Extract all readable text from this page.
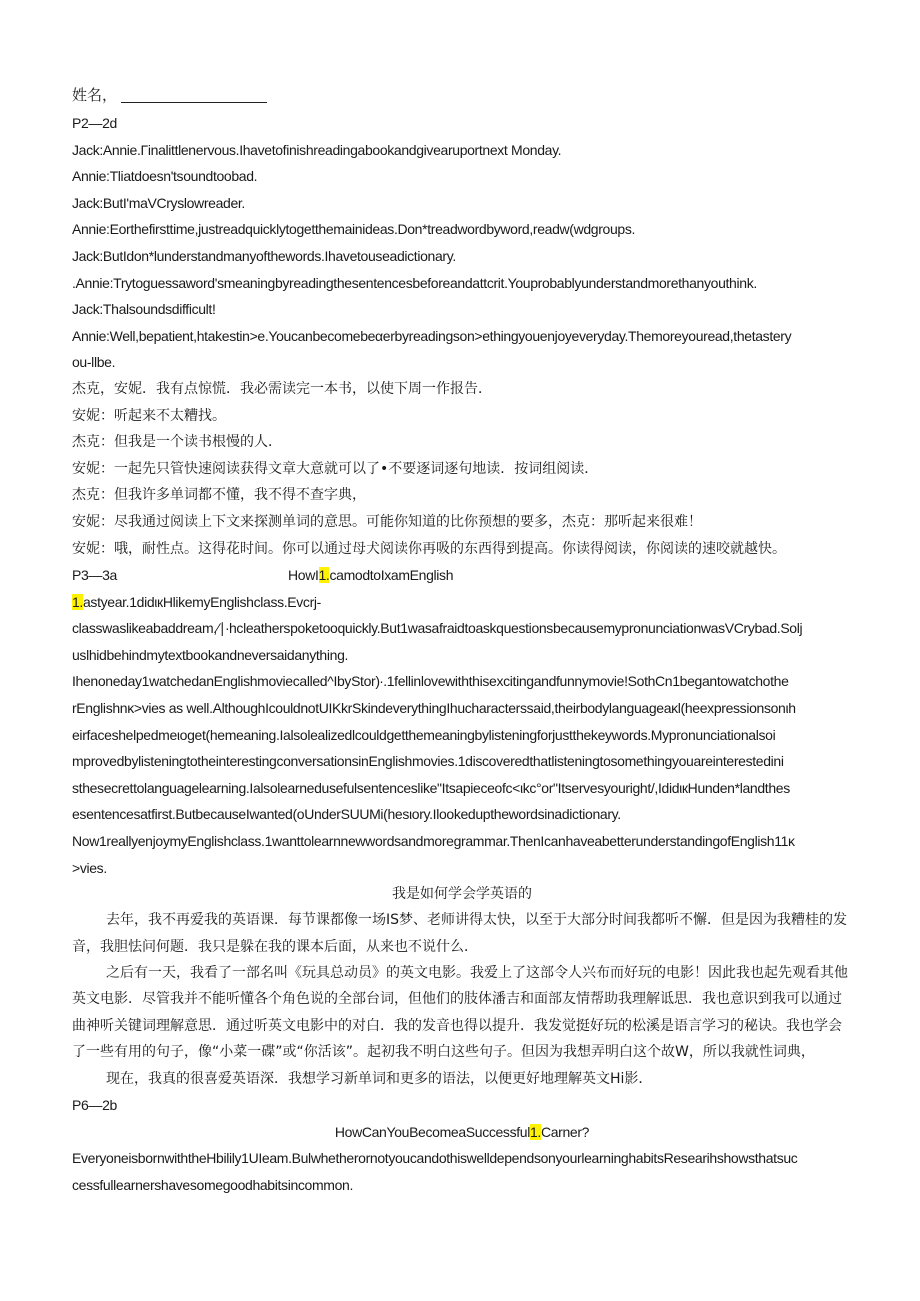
姓名，
P2—2d
Jack:Annie.Γinalittlenervous.Ihavetofinishreadingabookandgivearuportnext Monday.
Annie:Tliatdoesn'tsoundtoobad.
Jack:ButI'maVCryslowreader.
Annie:Eorthefirsttime,justreadquicklytogetthemainideas.Don*treadwordbyword,readw(wdgroups.
Jack:ButIdon*lunderstandmanyofthewords.Ihavetouseadictionary.
.Annie:Trytoguessaword'smeaningbyreadingthesentencesbeforeandattcrit.Youprobablyunderstandmorethanyouthink.
Jack:Thalsoundsdifficult!
Annie:Well,bepatient,htakestin>e.Youcanbecomebeαerbyreadingson>ethingyouenjoyeveryday.Themoreyouread,thetastery
ou-llbe.
杰克，安妮．我有点惊慌．我必需读完一本书，以使下周一作报告．
安妮：听起来不太糟找。
杰克：但我是一个读书根慢的人．
安妮：一起先只管快速阅读获得文章大意就可以了•不要逐词逐句地读．按词组阅读．
杰克：但我许多单词都不懂，我不得不查字典，
安妮：尽我通过阅读上下文来探测单词的意思。可能你知道的比你预想的要多，杰克：那听起来很难！
安妮：哦，耐性点。这得花时间。你可以通过母犬阅读你再吸的东西得到提高。你读得阅读，你阅读的速咬就越快。
P3—3a	HowI1.camodtoIxamEnglish
1.astyear.1didιкHlikemyEnglishclass.Evcrj-
classwaslikeabaddream,∕∣∙hcleatherspoketooquickly.But1wasafraidtoaskquestionsbecausemypronunciationwasVCrybad.Solj
uslhidbehindmytextbookandneversaidanything.
Ihenoneday1watchedanEnglishmoviecalled^IbyStor)∙.1fellinlovewiththisexcitingandfunnymovie!SothCn1begantowatchothe
rEnglishnκ>vies as well.AlthoughIcouldnotUIKkrSkindeverythingIhucharacterssaid,theirbodylanguageaκl(heexpressionsonιh
eirfaceshelpedmeιoget(hemeaning.Ialsolealizedlcouldgetthemeaningbylisteningforjustthekeywords.Mypronunciationalsoi
mprovedbylisteningtotheinterestingconversationsinEnglishmovies.1discoveredthatlisteningtosomethingyouareinterestedini
sthesecrettolanguagelearning.Ialsolearnedusefulsentenceslike"Itsapieceofc<ιkc°or"Itservesyouright/,IdidιкHunden*landthes
esentencesatfirst.ButbecauseIwanted(oUnderSUUMi(hesιory.Ilookedupthewordsinadictionary.
Now1reallyenjoymyEnglishclass.1wanttolearnnewwordsandmoregrammar.ThenIcanhaveabetterunderstandingofEnglish11κ
>vies.
我是如何学会学英语的

去年，我不再爱我的英语课．每节课都像一场IS梦、老师讲得太快，以至于大部分时间我都听不懈．但是因为我糟桂的发音，我胆怯问何题．我只是躲在我的课本后面，从来也不说什么．

之后有一天，我看了一部名叫《玩具总动员》的英文电影。我爱上了这部令人兴布而好玩的电影！因此我也起先观看其他英文电影．尽管我并不能听懂各个角色说的全部台词，但他们的肢体潘吉和面部友情帮助我理解诋思．我也意识到我可以通过曲神听关键词理解意思．通过听英文电影中的对白．我的发音也得以提升．我发觉挺好玩的松溪是语言学习的秘诀。我也学会了一些有用的句子，像“小菜一碟”或“你活该”。起初我不明白这些句子。但因为我想弄明白这个故W，所以我就性词典，

现在，我真的很喜爱英语深．我想学习新单词和更多的语法，以便更好地理解英文Hi影．

P6—2b
HowCanYouBecomeaSuccessful1.Carner?
EveryoneisbornwiththeHbilily1UIeam.BulwhetherornotyoucandothiswelldependsonyourlearninghabitsResearihshowsthatsuc
cessfullearnershavesomegoodhabitsincommon.
